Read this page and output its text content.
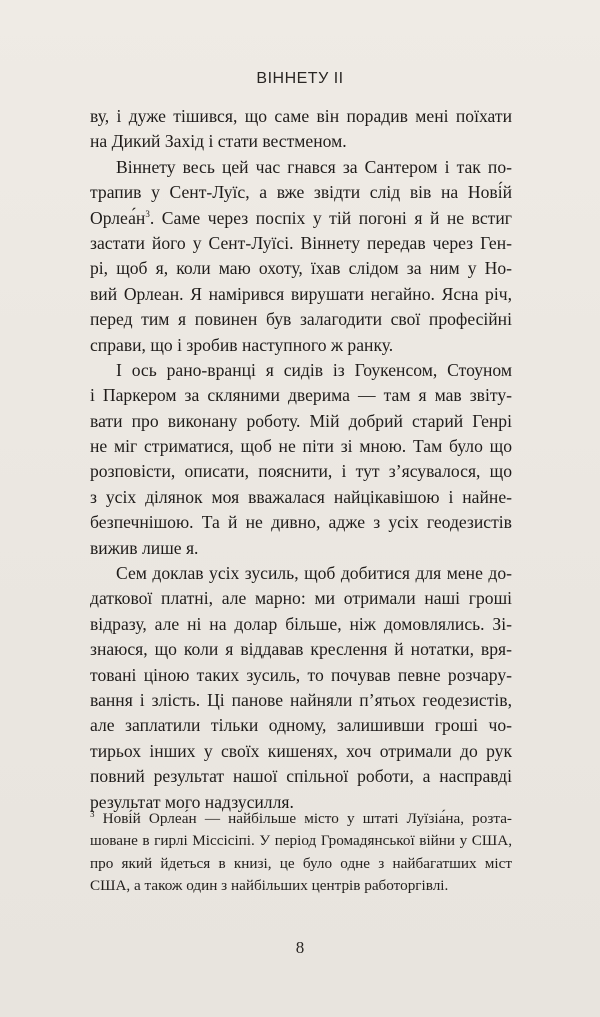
ВІННЕТУ II
ву, і дуже тішився, що саме він порадив мені поїхати
на Дикий Захід і стати вестменом.
Віннету весь цей час гнався за Сантером і так по-
трапив у Сент-Луїс, а вже звідти слід вів на Нові́й
$Орлеа́н^3$. Саме через поспіх у тій погоні я й не встиг
застати його у Сент-Луїсі. Віннету передав через Ген-
рі, щоб я, коли маю охоту, їхав слідом за ним у Но-
вий Орлеан. Я намірився вирушати негайно. Ясна річ,
перед тим я повинен був залагодити свої професійні
справи, що і зробив наступного ж ранку.
І ось рано-вранці я сидів із Гоукенсом, Стоуном
і Паркером за скляними дверима — там я мав звіту-
вати про виконану роботу. Мій добрий старий Генрі
не міг стриматися, щоб не піти зі мною. Там було що
розповісти, описати, пояснити, і тут з’ясувалося, що
з усіх ділянок моя вважалася найцікавішою і найне-
безпечнішою. Та й не дивно, адже з усіх геодезистів
вижив лише я.
Сем доклав усіх зусиль, щоб добитися для мене до-
даткової платні, але марно: ми отримали наші гроші
відразу, але ні на долар більше, ніж домовлялись. Зі-
знаюся, що коли я віддавав креслення й нотатки, вря-
товані ціною таких зусиль, то почував певне розчару-
вання і злість. Ці панове найняли п’ятьох геодезистів,
але заплатили тільки одному, залишивши гроші чо-
тирьох інших у своїх кишенях, хоч отримали до рук
повний результат нашої спільної роботи, а насправді
результат мого надзусилля.
$^3$ Нові́й Орлеа́н — найбільше місто у штаті Луїзіа́на, розта-
шоване в гирлі Міссісіпі. У період Громадянської війни у США,
про який йдеться в книзі, це було одне з найбагатших міст
США, а також один з найбільших центрів работоргівлі.
8
